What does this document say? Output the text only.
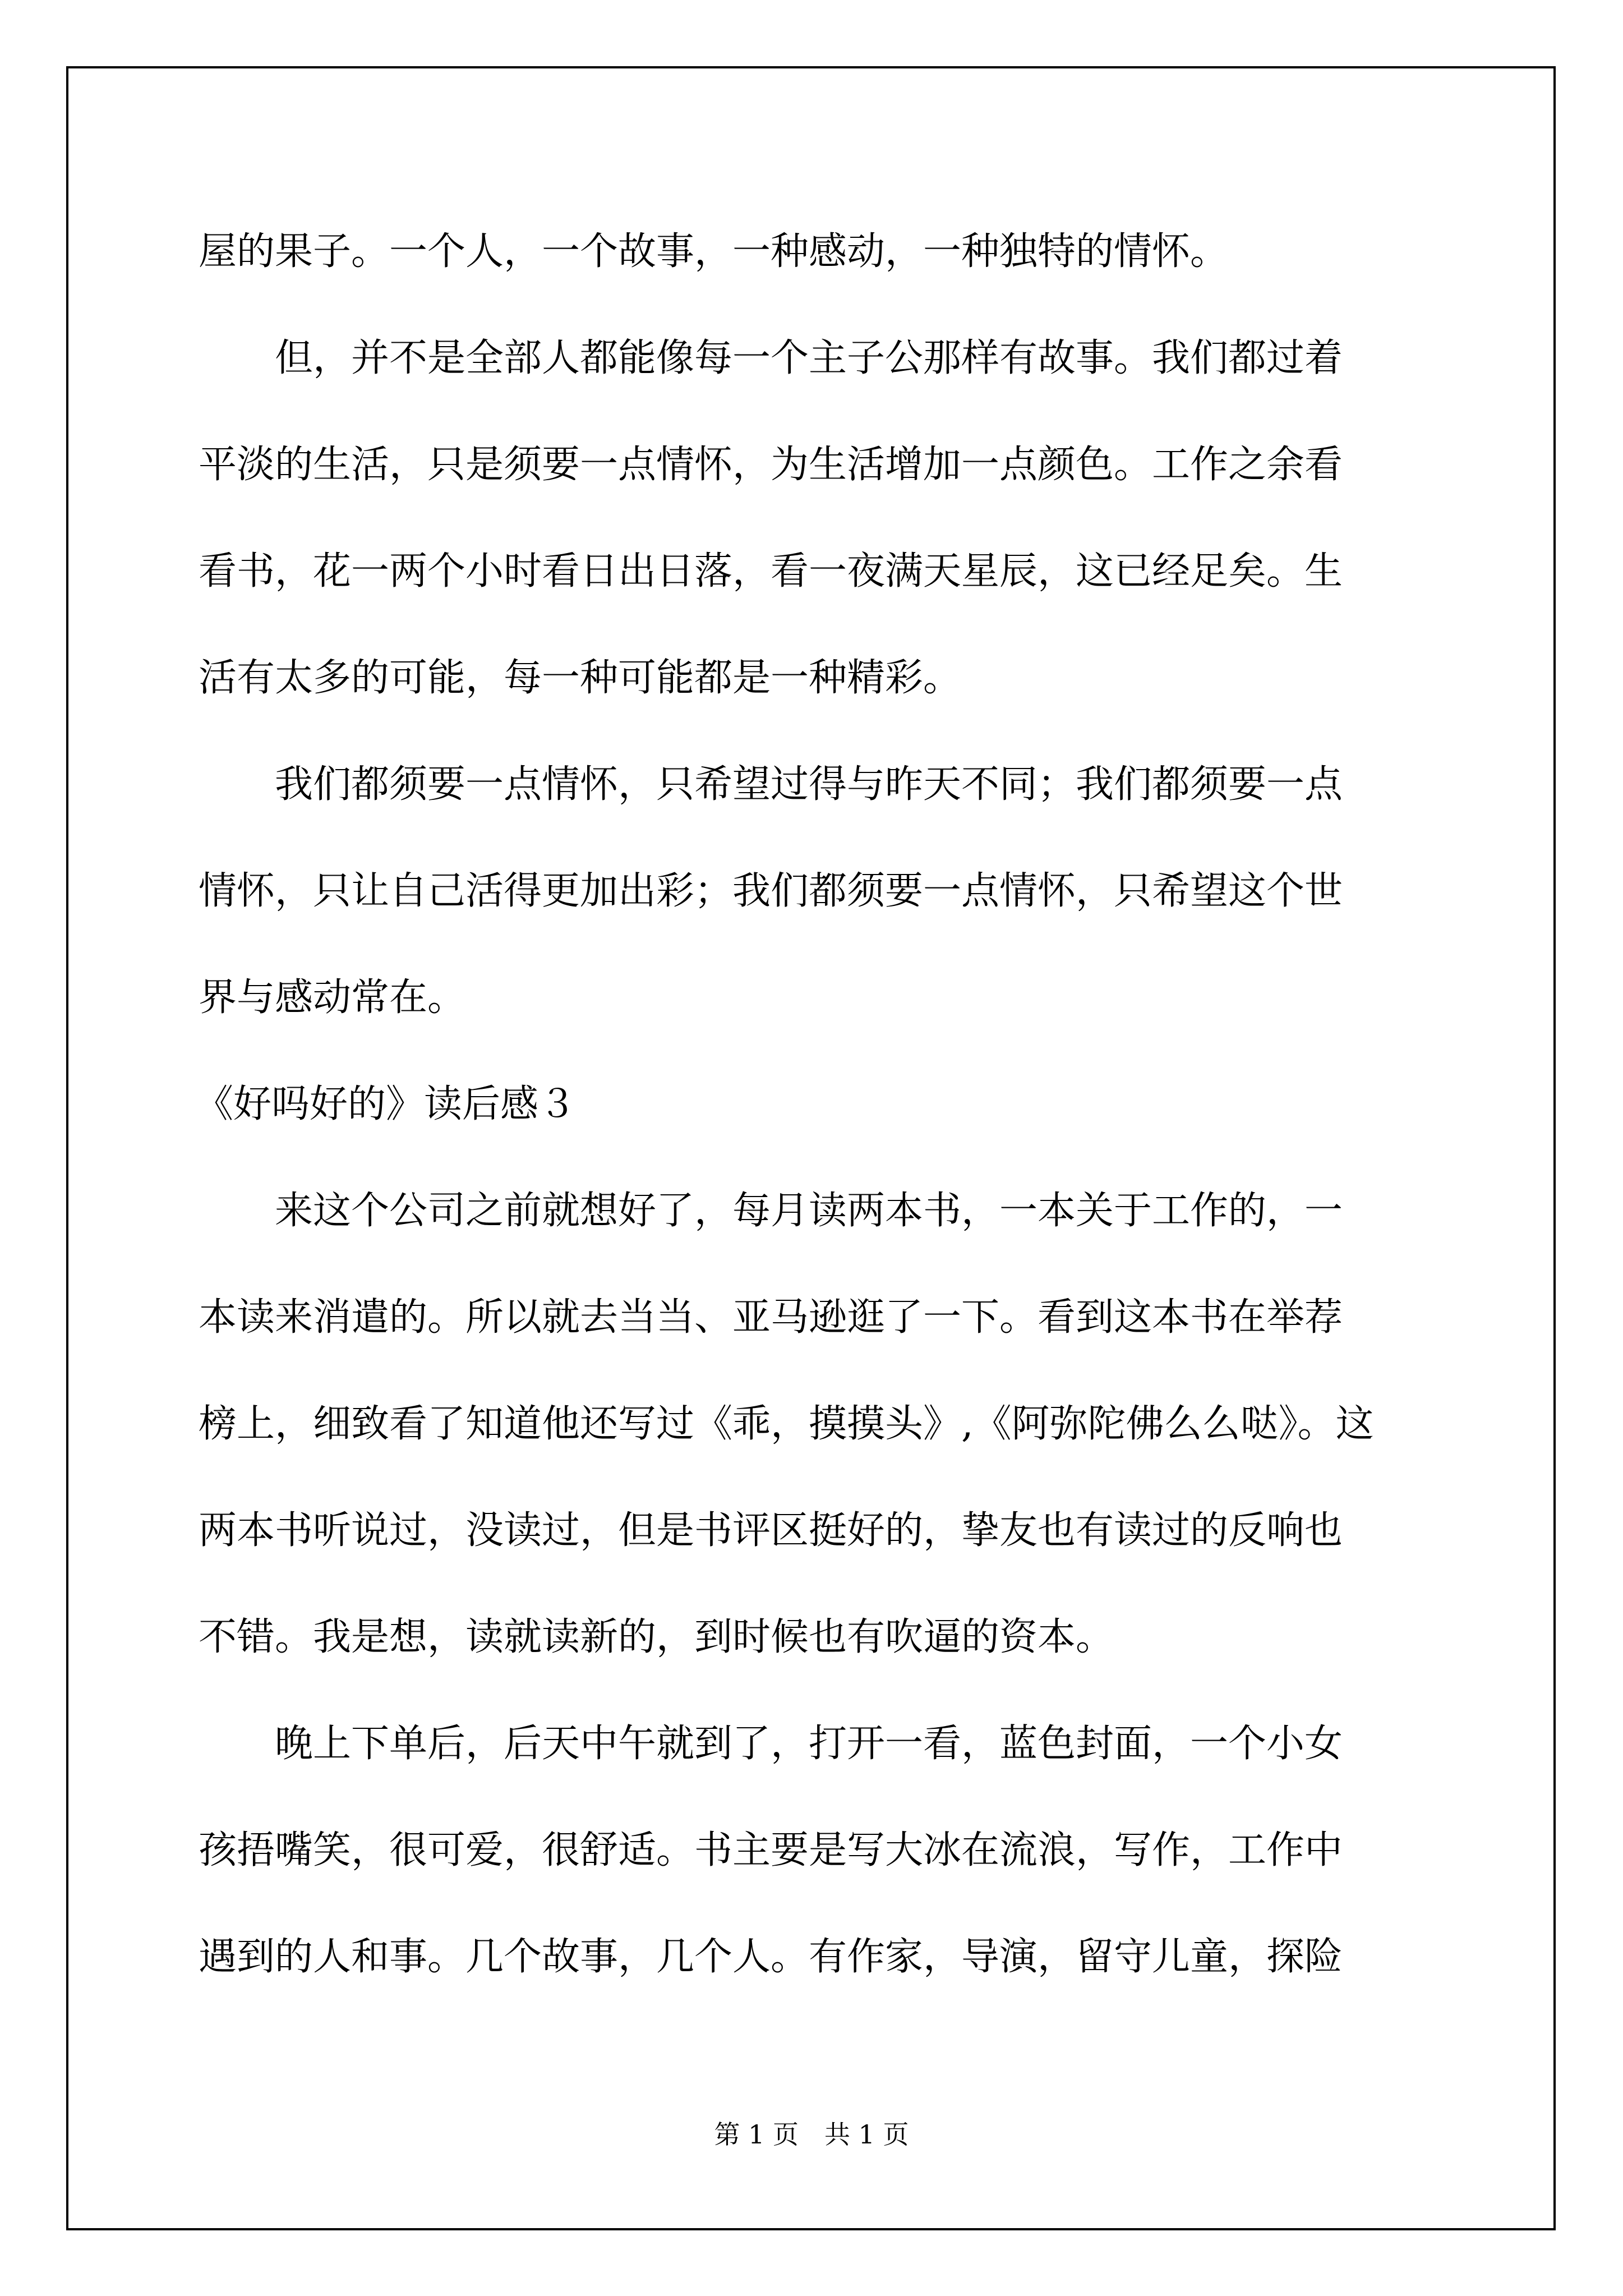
屋的果子。一个人，一个故事，一种感动，一种独特的情怀。
　　但，并不是全部人都能像每一个主子公那样有故事。我们都过着
平淡的生活，只是须要一点情怀，为生活增加一点颜色。工作之余看
看书，花一两个小时看日出日落，看一夜满天星辰，这已经足矣。生
活有太多的可能，每一种可能都是一种精彩。
　　我们都须要一点情怀，只希望过得与昨天不同；我们都须要一点
情怀，只让自己活得更加出彩；我们都须要一点情怀，只希望这个世
界与感动常在。
《好吗好的》读后感３
　　来这个公司之前就想好了，每月读两本书，一本关于工作的，一
本读来消遣的。所以就去当当、亚马逊逛了一下。看到这本书在举荐
榜上，细致看了知道他还写过《乖，摸摸头》,《阿弥陀佛么么哒》。这
两本书听说过，没读过，但是书评区挺好的，挚友也有读过的反响也
不错。我是想，读就读新的，到时候也有吹逼的资本。
　　晚上下单后，后天中午就到了，打开一看，蓝色封面，一个小女
孩捂嘴笑，很可爱，很舒适。书主要是写大冰在流浪，写作，工作中
遇到的人和事。几个故事，几个人。有作家，导演，留守儿童，探险
第 1 页　共 1 页
